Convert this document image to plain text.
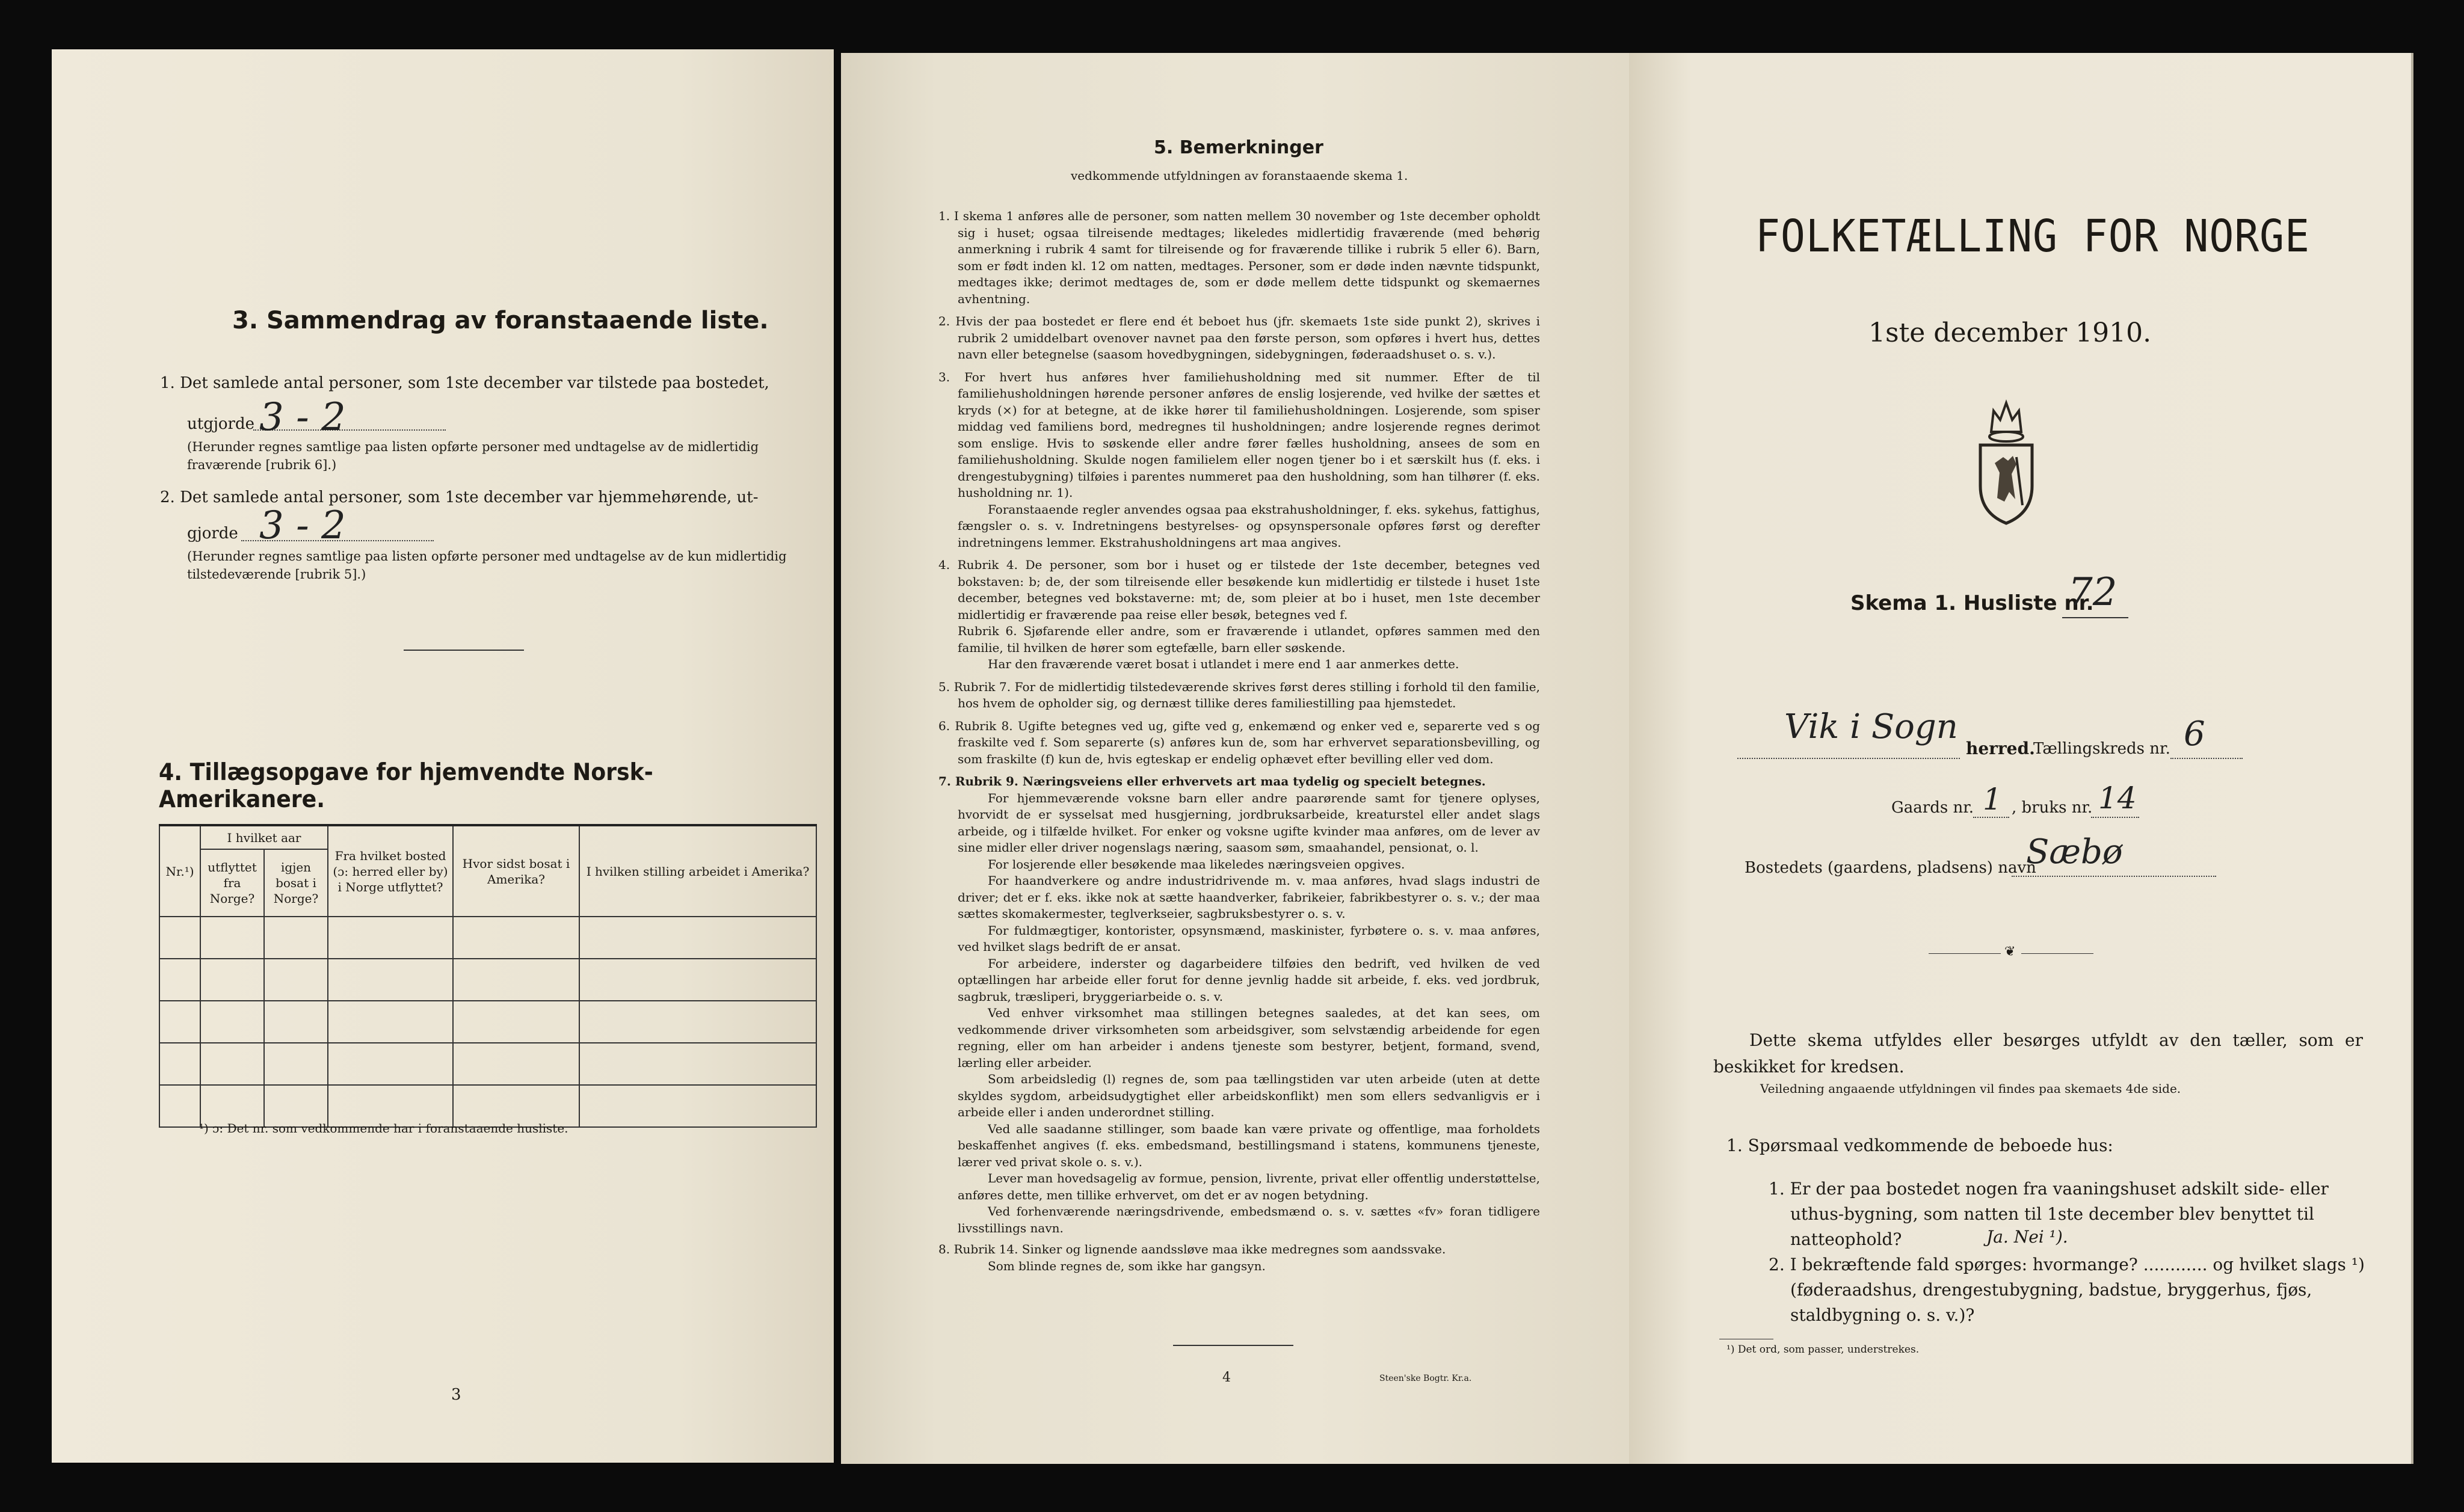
3. Sammendrag av foranstaaende liste.
1. Det samlede antal personer, som 1ste december var tilstede paa bostedet,
utgjorde 3 - 2
(Herunder regnes samtlige paa listen opførte personer med undtagelse av de midlertidig fraværende [rubrik 6].)
2. Det samlede antal personer, som 1ste december var hjemmehørende, ut-
gjorde 3 - 2
(Herunder regnes samtlige paa listen opførte personer med undtagelse av de kun midlertidig tilstedeværende [rubrik 5].)
4. Tillægsopgave for hjemvendte Norsk-Amerikanere.
Nr.¹)	I hvilket aar		Fra hvilket bosted (ɔ: herred eller by) i Norge utflyttet?	Hvor sidst bosat i Amerika?	I hvilken stilling arbeidet i Amerika?
	utflyttet fra Norge?	igjen bosat i Norge?			

¹) ɔ: Det nr. som vedkommende har i foranstaaende husliste.
3
5. Bemerkninger
vedkommende utfyldningen av foranstaaende skema 1.

1. I skema 1 anføres alle de personer, som natten mellem 30 november og 1ste december opholdt sig i huset; ogsaa tilreisende medtages; likeledes midlertidig fraværende (med behørig anmerkning i rubrik 4 samt for tilreisende og for fraværende tillike i rubrik 5 eller 6). Barn, som er født inden kl. 12 om natten, medtages. Personer, som er døde inden nævnte tidspunkt, medtages ikke; derimot medtages de, som er døde mellem dette tidspunkt og skemaernes avhentning.

2. Hvis der paa bostedet er flere end ét beboet hus (jfr. skemaets 1ste side punkt 2), skrives i rubrik 2 umiddelbart ovenover navnet paa den første person, som opføres i hvert hus, dettes navn eller betegnelse (saasom hovedbygningen, sidebygningen, føderaadshuset o. s. v.).

3. For hvert hus anføres hver familiehusholdning med sit nummer. Efter de til familiehusholdningen hørende personer anføres de enslig losjerende, ved hvilke der sættes et kryds (×) for at betegne, at de ikke hører til familiehusholdningen. Losjerende, som spiser middag ved familiens bord, medregnes til husholdningen; andre losjerende regnes derimot som enslige. Hvis to søskende eller andre fører fælles husholdning, ansees de som en familiehusholdning. Skulde nogen familielem eller nogen tjener bo i et særskilt hus (f. eks. i drengestubygning) tilføies i parentes nummeret paa den husholdning, som han tilhører (f. eks. husholdning nr. 1).

Foranstaaende regler anvendes ogsaa paa ekstrahusholdninger, f. eks. sykehus, fattighus, fængsler o. s. v. Indretningens bestyrelses- og opsynspersonale opføres først og derefter indretningens lemmer. Ekstrahusholdningens art maa angives.

4. Rubrik 4. De personer, som bor i huset og er tilstede der 1ste december, betegnes ved bokstaven: b; de, der som tilreisende eller besøkende kun midlertidig er tilstede i huset 1ste december, betegnes ved bokstaverne: mt; de, som pleier at bo i huset, men 1ste december midlertidig er fraværende paa reise eller besøk, betegnes ved f.

Rubrik 6. Sjøfarende eller andre, som er fraværende i utlandet, opføres sammen med den familie, til hvilken de hører som egtefælle, barn eller søskende.

Har den fraværende været bosat i utlandet i mere end 1 aar anmerkes dette.

5. Rubrik 7. For de midlertidig tilstedeværende skrives først deres stilling i forhold til den familie, hos hvem de opholder sig, og dernæst tillike deres familiestilling paa hjemstedet.

6. Rubrik 8. Ugifte betegnes ved ug, gifte ved g, enkemænd og enker ved e, separerte ved s og fraskilte ved f. Som separerte (s) anføres kun de, som har erhvervet separationsbevilling, og som fraskilte (f) kun de, hvis egteskap er endelig ophævet efter bevilling eller ved dom.

7. Rubrik 9. Næringsveiens eller erhvervets art maa tydelig og specielt betegnes.

For hjemmeværende voksne barn eller andre paarørende samt for tjenere oplyses, hvorvidt de er sysselsat med husgjerning, jordbruksarbeide, kreaturstel eller andet slags arbeide, og i tilfælde hvilket. For enker og voksne ugifte kvinder maa anføres, om de lever av sine midler eller driver nogenslags næring, saasom søm, smaahandel, pensionat, o. l.

For losjerende eller besøkende maa likeledes næringsveien opgives.

For haandverkere og andre industridrivende m. v. maa anføres, hvad slags industri de driver; det er f. eks. ikke nok at sætte haandverker, fabrikeier, fabrikbestyrer o. s. v.; der maa sættes skomakermester, teglverkseier, sagbruksbestyrer o. s. v.

For fuldmægtiger, kontorister, opsynsmænd, maskinister, fyrbøtere o. s. v. maa anføres, ved hvilket slags bedrift de er ansat.

For arbeidere, inderster og dagarbeidere tilføies den bedrift, ved hvilken de ved optællingen har arbeide eller forut for denne jevnlig hadde sit arbeide, f. eks. ved jordbruk, sagbruk, træsliperi, bryggeriarbeide o. s. v.

Ved enhver virksomhet maa stillingen betegnes saaledes, at det kan sees, om vedkommende driver virksomheten som arbeidsgiver, som selvstændig arbeidende for egen regning, eller om han arbeider i andens tjeneste som bestyrer, betjent, formand, svend, lærling eller arbeider.

Som arbeidsledig (l) regnes de, som paa tællingstiden var uten arbeide (uten at dette skyldes sygdom, arbeidsudygtighet eller arbeidskonflikt) men som ellers sedvanligvis er i arbeide eller i anden underordnet stilling.

Ved alle saadanne stillinger, som baade kan være private og offentlige, maa forholdets beskaffenhet angives (f. eks. embedsmand, bestillingsmand i statens, kommunens tjeneste, lærer ved privat skole o. s. v.).

Lever man hovedsagelig av formue, pension, livrente, privat eller offentlig understøttelse, anføres dette, men tillike erhvervet, om det er av nogen betydning.

Ved forhenværende næringsdrivende, embedsmænd o. s. v. sættes «fv» foran tidligere livsstillings navn.

8. Rubrik 14. Sinker og lignende aandssløve maa ikke medregnes som aandssvake.

Som blinde regnes de, som ikke har gangsyn.

4	Steen'ske Bogtr. Kr.a.
FOLKETÆLLING FOR NORGE
1ste december 1910.
Skema 1. Husliste nr.
72
Vik i Sogn
herred.
Tællingskreds nr. 6
Gaards nr. 1 , bruks nr. 14
Bostedets (gaardens, pladsens) navn
Sæbø
❦
Dette skema utfyldes eller besørges utfyldt av den tæller, som er beskikket for kredsen.
Veiledning angaaende utfyldningen vil findes paa skemaets 4de side.
1. Spørsmaal vedkommende de beboede hus:
1. Er der paa bostedet nogen fra vaaningshuset adskilt side- eller uthus-bygning, som natten til 1ste december blev benyttet til natteophold?	Ja. Nei ¹).
2. I bekræftende fald spørges: hvormange? ............ og hvilket slags ¹) (føderaadshus, drengestubygning, badstue, bryggerhus, fjøs, staldbygning o. s. v.)?
¹) Det ord, som passer, understrekes.
